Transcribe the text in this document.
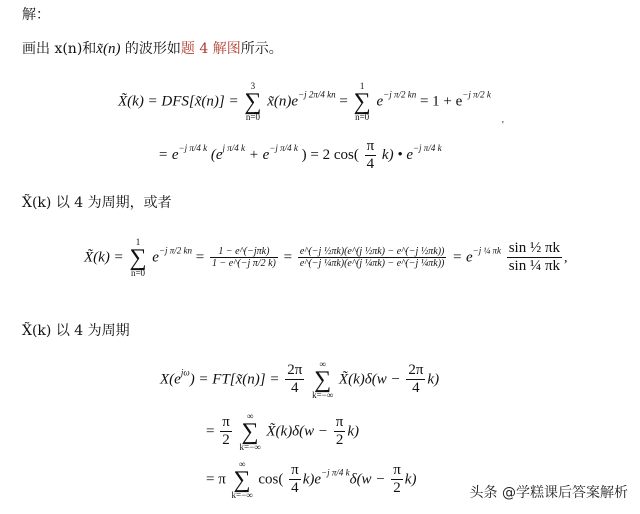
解：
画出 x(n)和x̃(n) 的波形如题 4 解图所示。
X̃(k) = DFS[x̃(n)] =
3
∑
n=0
$x̃(n)e^{-j 2\pi/4 kn}$ =
1
∑
n=0
$e^{-j \pi/2 kn} = 1 + e^{-j \pi/2 k}$
'
= $e^{-j \pi/4 k}$ ($e^{j \pi/4 k} + e^{-j \pi/4 k}$ ) = 2 $\cos( \frac{\pi}{4} k)$ • $e^{-j \pi/4 k}$
X̃(k) 以 4 为周期，或者
X̃(k) =
1
∑
n=0
$e^{-j \pi/2 kn} = \frac{\text{1 − e\textasciicircum{}(−jπk)}}{\text{1 − e\textasciicircum{}(−j π/2 k)}} = \frac{\text{e\textasciicircum{}(−j ½πk)(e\textasciicircum{}(j ½πk) − e\textasciicircum{}(−j ½πk))}}{\text{e\textasciicircum{}(−j ¼πk)(e\textasciicircum{}(j ¼πk) − e\textasciicircum{}(−j ¼πk))}} = e^{-j \frac{1}{4} \pi k} \frac{\text{sin ½ πk}}{\text{sin ¼ πk}}$ ,
X̃(k) 以 4 为周期
$X(e^{j\omega})$ = FT[x̃(n)] = $\frac{2\pi}{4}$
	∞
∑
k=−∞
X̃(k)δ(w − $\frac{2\pi}{4} k$)
= $\frac{\pi}{2}$
	∞
∑
k=−∞
X̃(k)δ(w − $\frac{\pi}{2} k$)
= π
∞
∑
k=−∞
$\cos( \frac{\pi}{4} k)e^{-j \pi/4 k}\delta(w - \frac{\pi}{2} k)$
头条 @学糕课后答案解析
